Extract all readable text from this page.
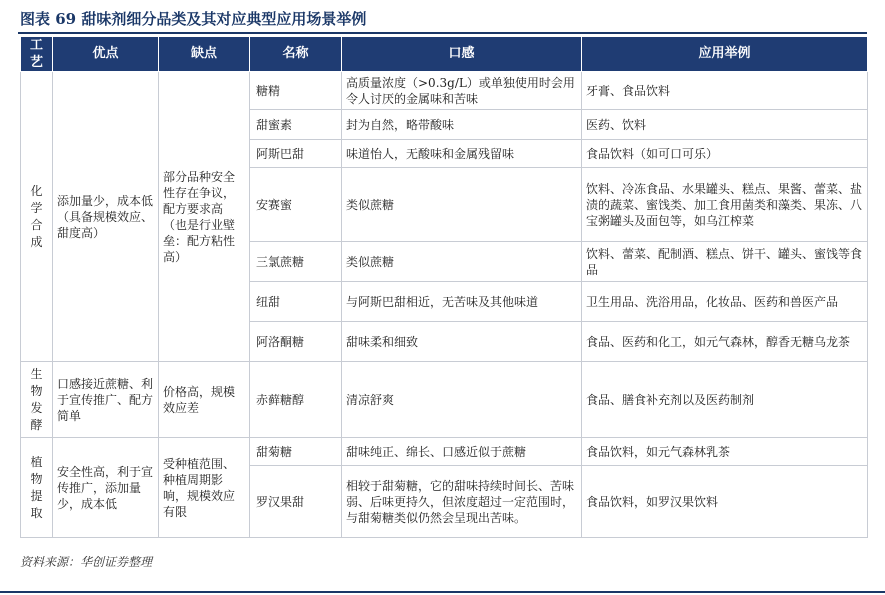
图表 69 甜味剂细分品类及其对应典型应用场景举例
工艺	优点	缺点	名称	口感	应用举例
化学合成	添加量少，成本低（具备规模效应、甜度高）	部分品种安全性存在争议，配方要求高（也是行业壁垒：配方粘性高）	糖精	高质量浓度（>0.3g/L）或单独使用时会用令人讨厌的金属味和苦味	牙膏、食品饮料
			甜蜜素	封为自然，略带酸味	医药、饮料
			阿斯巴甜	味道怡人，无酸味和金属残留味	食品饮料（如可口可乐）
			安赛蜜	类似蔗糖	饮料、冷冻食品、水果罐头、糕点、果酱、蕾菜、盐渍的蔬菜、蜜饯类、加工食用菌类和藻类、果冻、八宝粥罐头及面包等，如乌江榨菜
			三氯蔗糖	类似蔗糖	饮料、蕾菜、配制酒、糕点、饼干、罐头、蜜饯等食品
			纽甜	与阿斯巴甜相近，无苦味及其他味道	卫生用品、洗浴用品，化妆品、医药和兽医产品
			阿洛酮糖	甜味柔和细致	食品、医药和化工，如元气森林，醇香无糖乌龙茶
生物发酵	口感接近蔗糖、利于宣传推广、配方简单	价格高，规模效应差	赤藓糖醇	清凉舒爽	食品、膳食补充剂以及医药制剂
植物提取	安全性高，利于宣传推广，添加量少，成本低	受种植范围、种植周期影响，规模效应有限	甜菊糖	甜味纯正、绵长、口感近似于蔗糖	食品饮料，如元气森林乳茶
			罗汉果甜	相较于甜菊糖，它的甜味持续时间长、苦味弱、后味更持久，但浓度超过一定范围时，与甜菊糖类似仍然会呈现出苦味。	食品饮料，如罗汉果饮料
资料来源：华创证券整理
